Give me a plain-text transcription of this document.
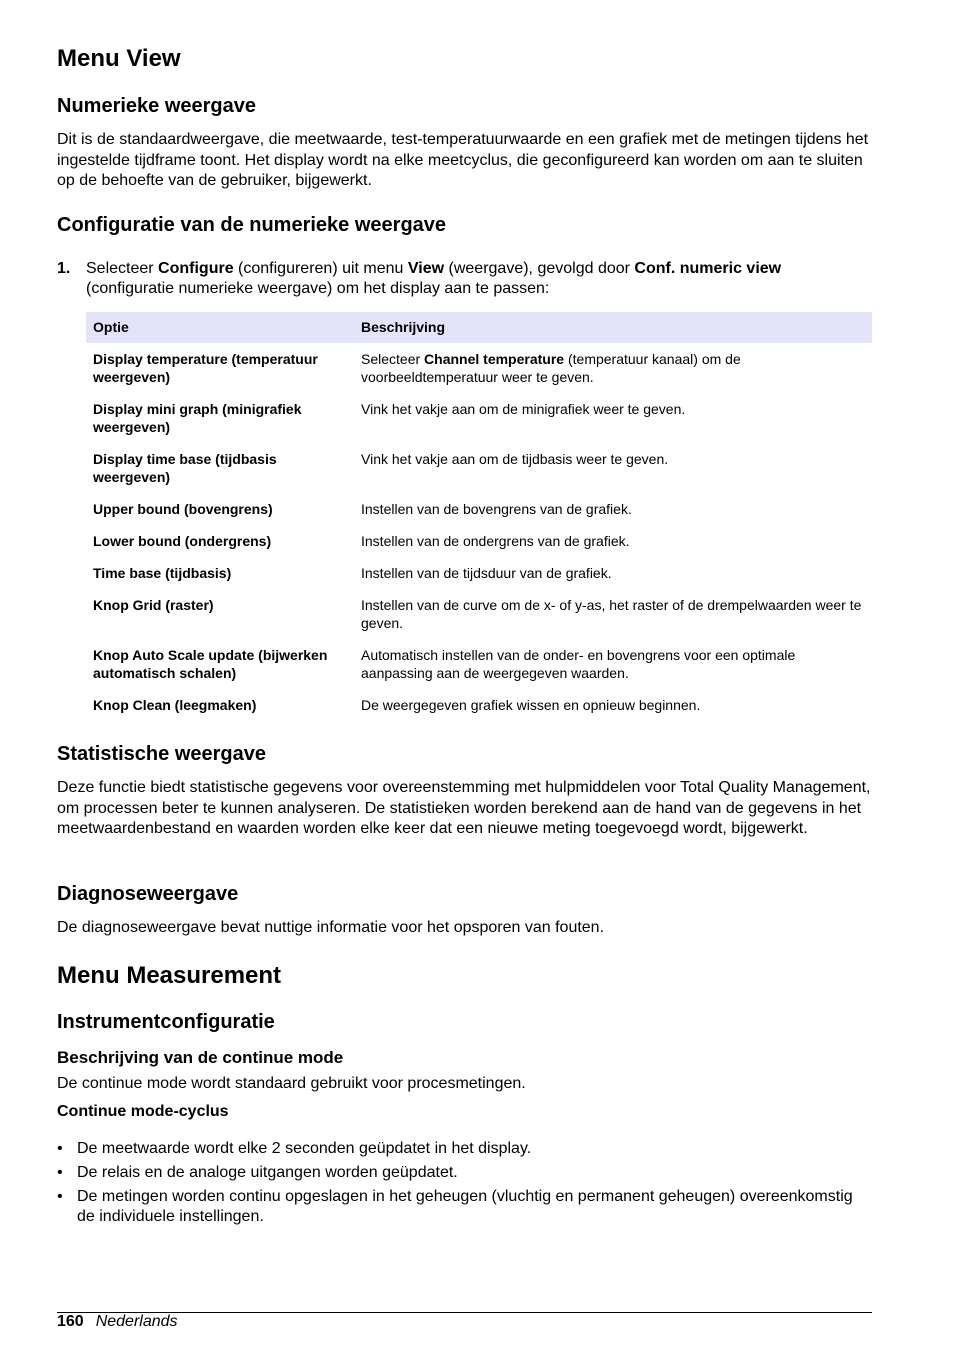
Menu View
Numerieke weergave

Dit is de standaardweergave, die meetwaarde, test-temperatuurwaarde en een grafiek met de metingen tijdens het ingestelde tijdframe toont. Het display wordt na elke meetcyclus, die geconfigureerd kan worden om aan te sluiten op de behoefte van de gebruiker, bijgewerkt.

Configuratie van de numerieke weergave
1. Selecteer Configure (configureren) uit menu View (weergave), gevolgd door Conf. numeric view (configuratie numerieke weergave) om het display aan te passen:
Optie	Beschrijving
Display temperature (temperatuur weergeven)	Selecteer Channel temperature (temperatuur kanaal) om de voorbeeldtemperatuur weer te geven.
Display mini graph (minigrafiek weergeven)	Vink het vakje aan om de minigrafiek weer te geven.
Display time base (tijdbasis weergeven)	Vink het vakje aan om de tijdbasis weer te geven.
Upper bound (bovengrens)	Instellen van de bovengrens van de grafiek.
Lower bound (ondergrens)	Instellen van de ondergrens van de grafiek.
Time base (tijdbasis)	Instellen van de tijdsduur van de grafiek.
Knop Grid (raster)	Instellen van de curve om de x- of y-as, het raster of de drempelwaarden weer te geven.
Knop Auto Scale update (bijwerken automatisch schalen)	Automatisch instellen van de onder- en bovengrens voor een optimale aanpassing aan de weergegeven waarden.
Knop Clean (leegmaken)	De weergegeven grafiek wissen en opnieuw beginnen.
Statistische weergave

Deze functie biedt statistische gegevens voor overeenstemming met hulpmiddelen voor Total Quality Management, om processen beter te kunnen analyseren. De statistieken worden berekend aan de hand van de gegevens in het meetwaardenbestand en waarden worden elke keer dat een nieuwe meting toegevoegd wordt, bijgewerkt.

Diagnoseweergave

De diagnoseweergave bevat nuttige informatie voor het opsporen van fouten.

Menu Measurement
Instrumentconfiguratie
Beschrijving van de continue mode

De continue mode wordt standaard gebruikt voor procesmetingen.

Continue mode-cyclus
• De meetwaarde wordt elke 2 seconden geüpdatet in het display.
• De relais en de analoge uitgangen worden geüpdatet.
• De metingen worden continu opgeslagen in het geheugen (vluchtig en permanent geheugen) overeenkomstig de individuele instellingen.
160 Nederlands
